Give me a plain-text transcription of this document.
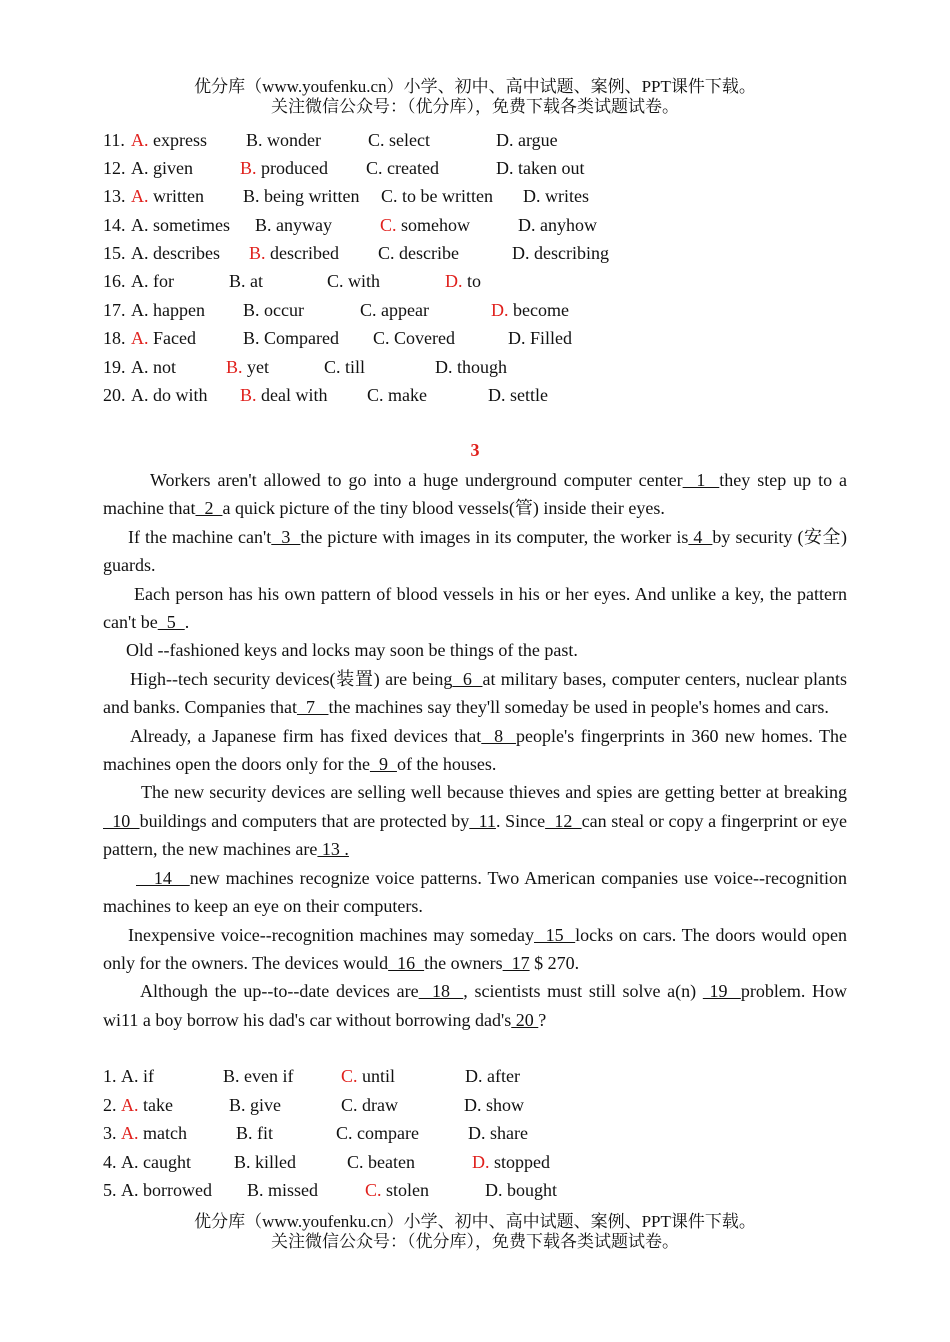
优分库（www.youfenku.cn）小学、初中、高中试题、案例、PPT课件下载。
关注微信公众号：（优分库），免费下载各类试题试卷。
11. A. express B. wonder	C. select	D. argue
12. A. given	B. produced C. created	D. taken out
13. A. written B. being written C. to be written D. writes
14. A. sometimes B. anyway	C. somehow	D. anyhow
15. A. describes B. described C. describe	D. describing
16. A. for	B. at	C. with	D. to
17. A. happen B. occur	C. appear	D. become
18. A. Faced	B. Compared C. Covered	D. Filled
19. A. not	B. yet	C. till	D. though
20. A. do with B. deal with C. make	D. settle
3

Workers aren't allowed to go into a huge underground computer center  1  they step up to a machine that  2  a quick picture of the tiny blood vessels(管) inside their eyes.

If the machine can't  3  the picture with images in its computer, the worker is 4  by security (安全) guards.

Each person has his own pattern of blood vessels in his or her eyes. And unlike a key, the pattern can't be  5  .

Old --fashioned keys and locks may soon be things of the past.

High--tech security devices(装置) are being  6  at military bases, computer centers, nuclear plants and banks. Companies that  7   the machines say they'll someday be used in people's homes and cars.

Already, a Japanese firm has fixed devices that  8  people's fingerprints in 360 new homes. The machines open the doors only for the  9  of the houses.

The new security devices are selling well because thieves and spies are getting better at breaking  10  buildings and computers that are protected by  11. Since  12  can steal or copy a fingerprint or eye pattern, the new machines are 13 .

14   new machines recognize voice patterns. Two American companies use voice--recognition machines to keep an eye on their computers.

Inexpensive voice--recognition machines may someday  15  locks on cars. The doors would open only for the owners. The devices would  16  the owners  17 $ 270.

Although the up--to--date devices are  18  , scientists must still solve a(n)  19  problem. How wi11 a boy borrow his dad's car without borrowing dad's 20 ?

1. A. if	B. even if	C. until	D. after
2. A. take	B. give	C. draw	D. show
3. A. match	B. fit	C. compare	D. share
4. A. caught B. killed	C. beaten	D. stopped
5. A. borrowed B. missed	C. stolen	D. bought
优分库（www.youfenku.cn）小学、初中、高中试题、案例、PPT课件下载。
关注微信公众号：（优分库），免费下载各类试题试卷。
